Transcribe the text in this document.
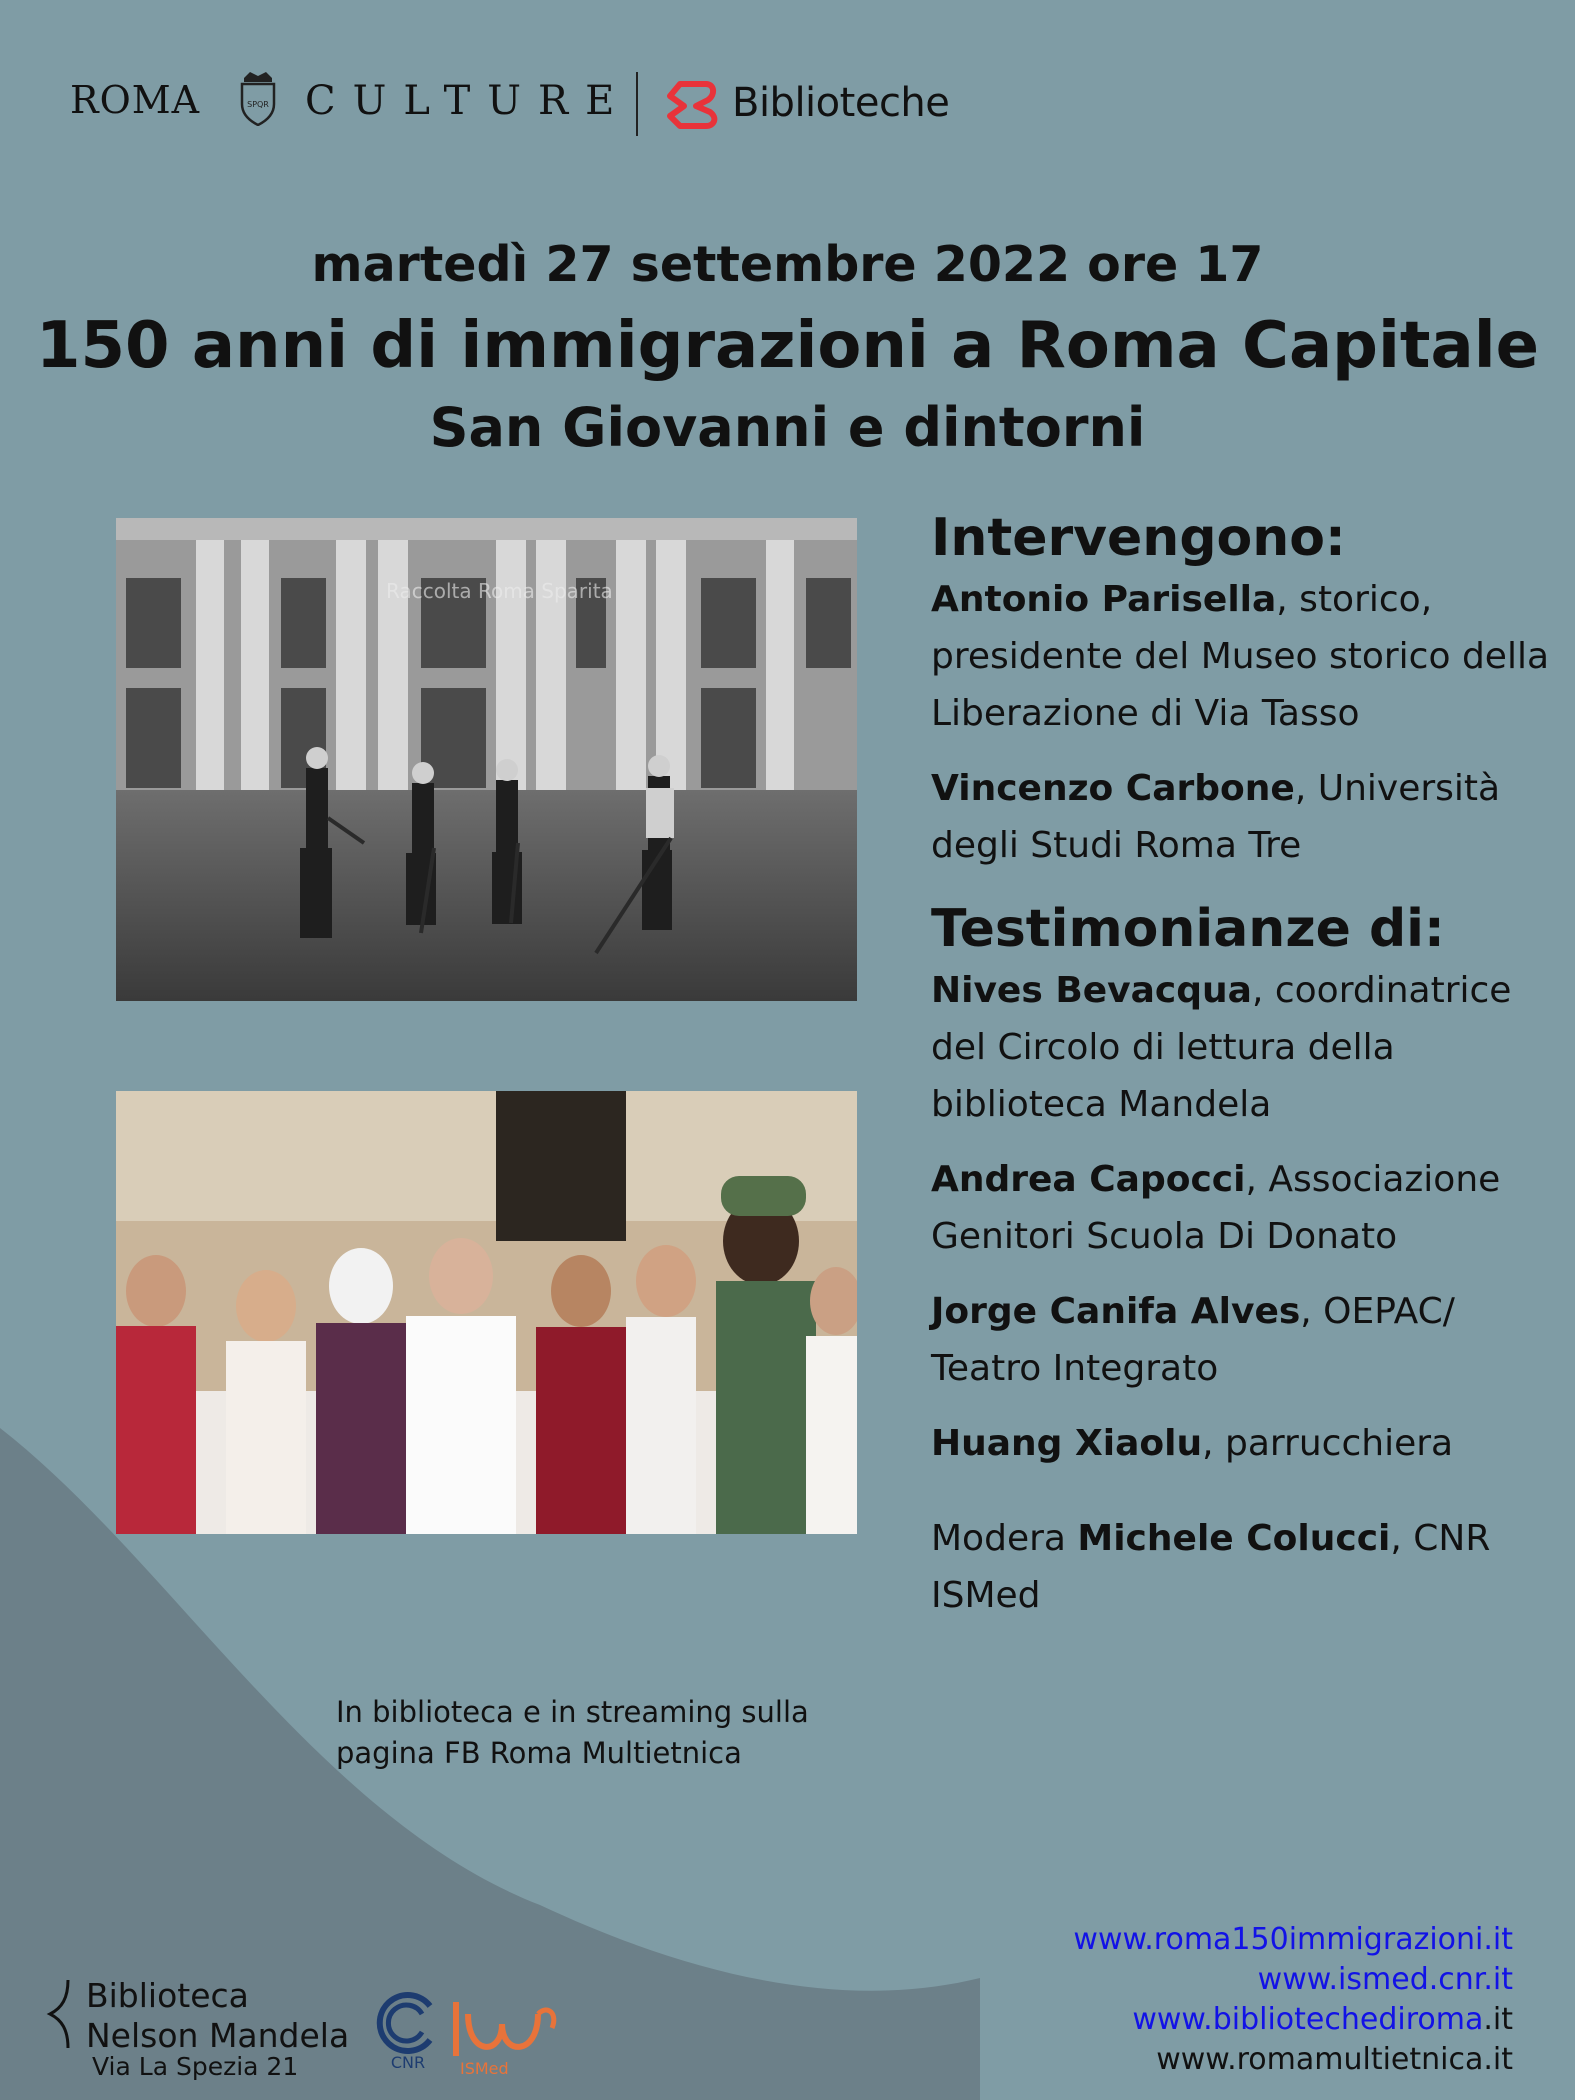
ROMA	SPQR CULTURE	Biblioteche
martedì 27 settembre 2022 ore 17
150 anni di immigrazioni a Roma Capitale
San Giovanni e dintorni
Raccolta Roma Sparita

Intervengono:

Antonio Parisella, storico, presidente del Museo storico della Liberazione di Via Tasso

Vincenzo Carbone, Università degli Studi Roma Tre

Testimonianze di:

Nives Bevacqua, coordinatrice del Circolo di lettura della biblioteca Mandela

Andrea Capocci, Associazione Genitori Scuola Di Donato

Jorge Canifa Alves, OEPAC/ Teatro Integrato

Huang Xiaolu, parrucchiera

Modera Michele Colucci, CNR ISMed

In biblioteca e in streaming sulla pagina FB Roma Multietnica
Biblioteca
Nelson Mandela
Via La Spezia 21	CNR ISMed
www.roma150immigrazioni.it
www.ismed.cnr.it
www.bibliotechediroma.it
www.romamultietnica.it
